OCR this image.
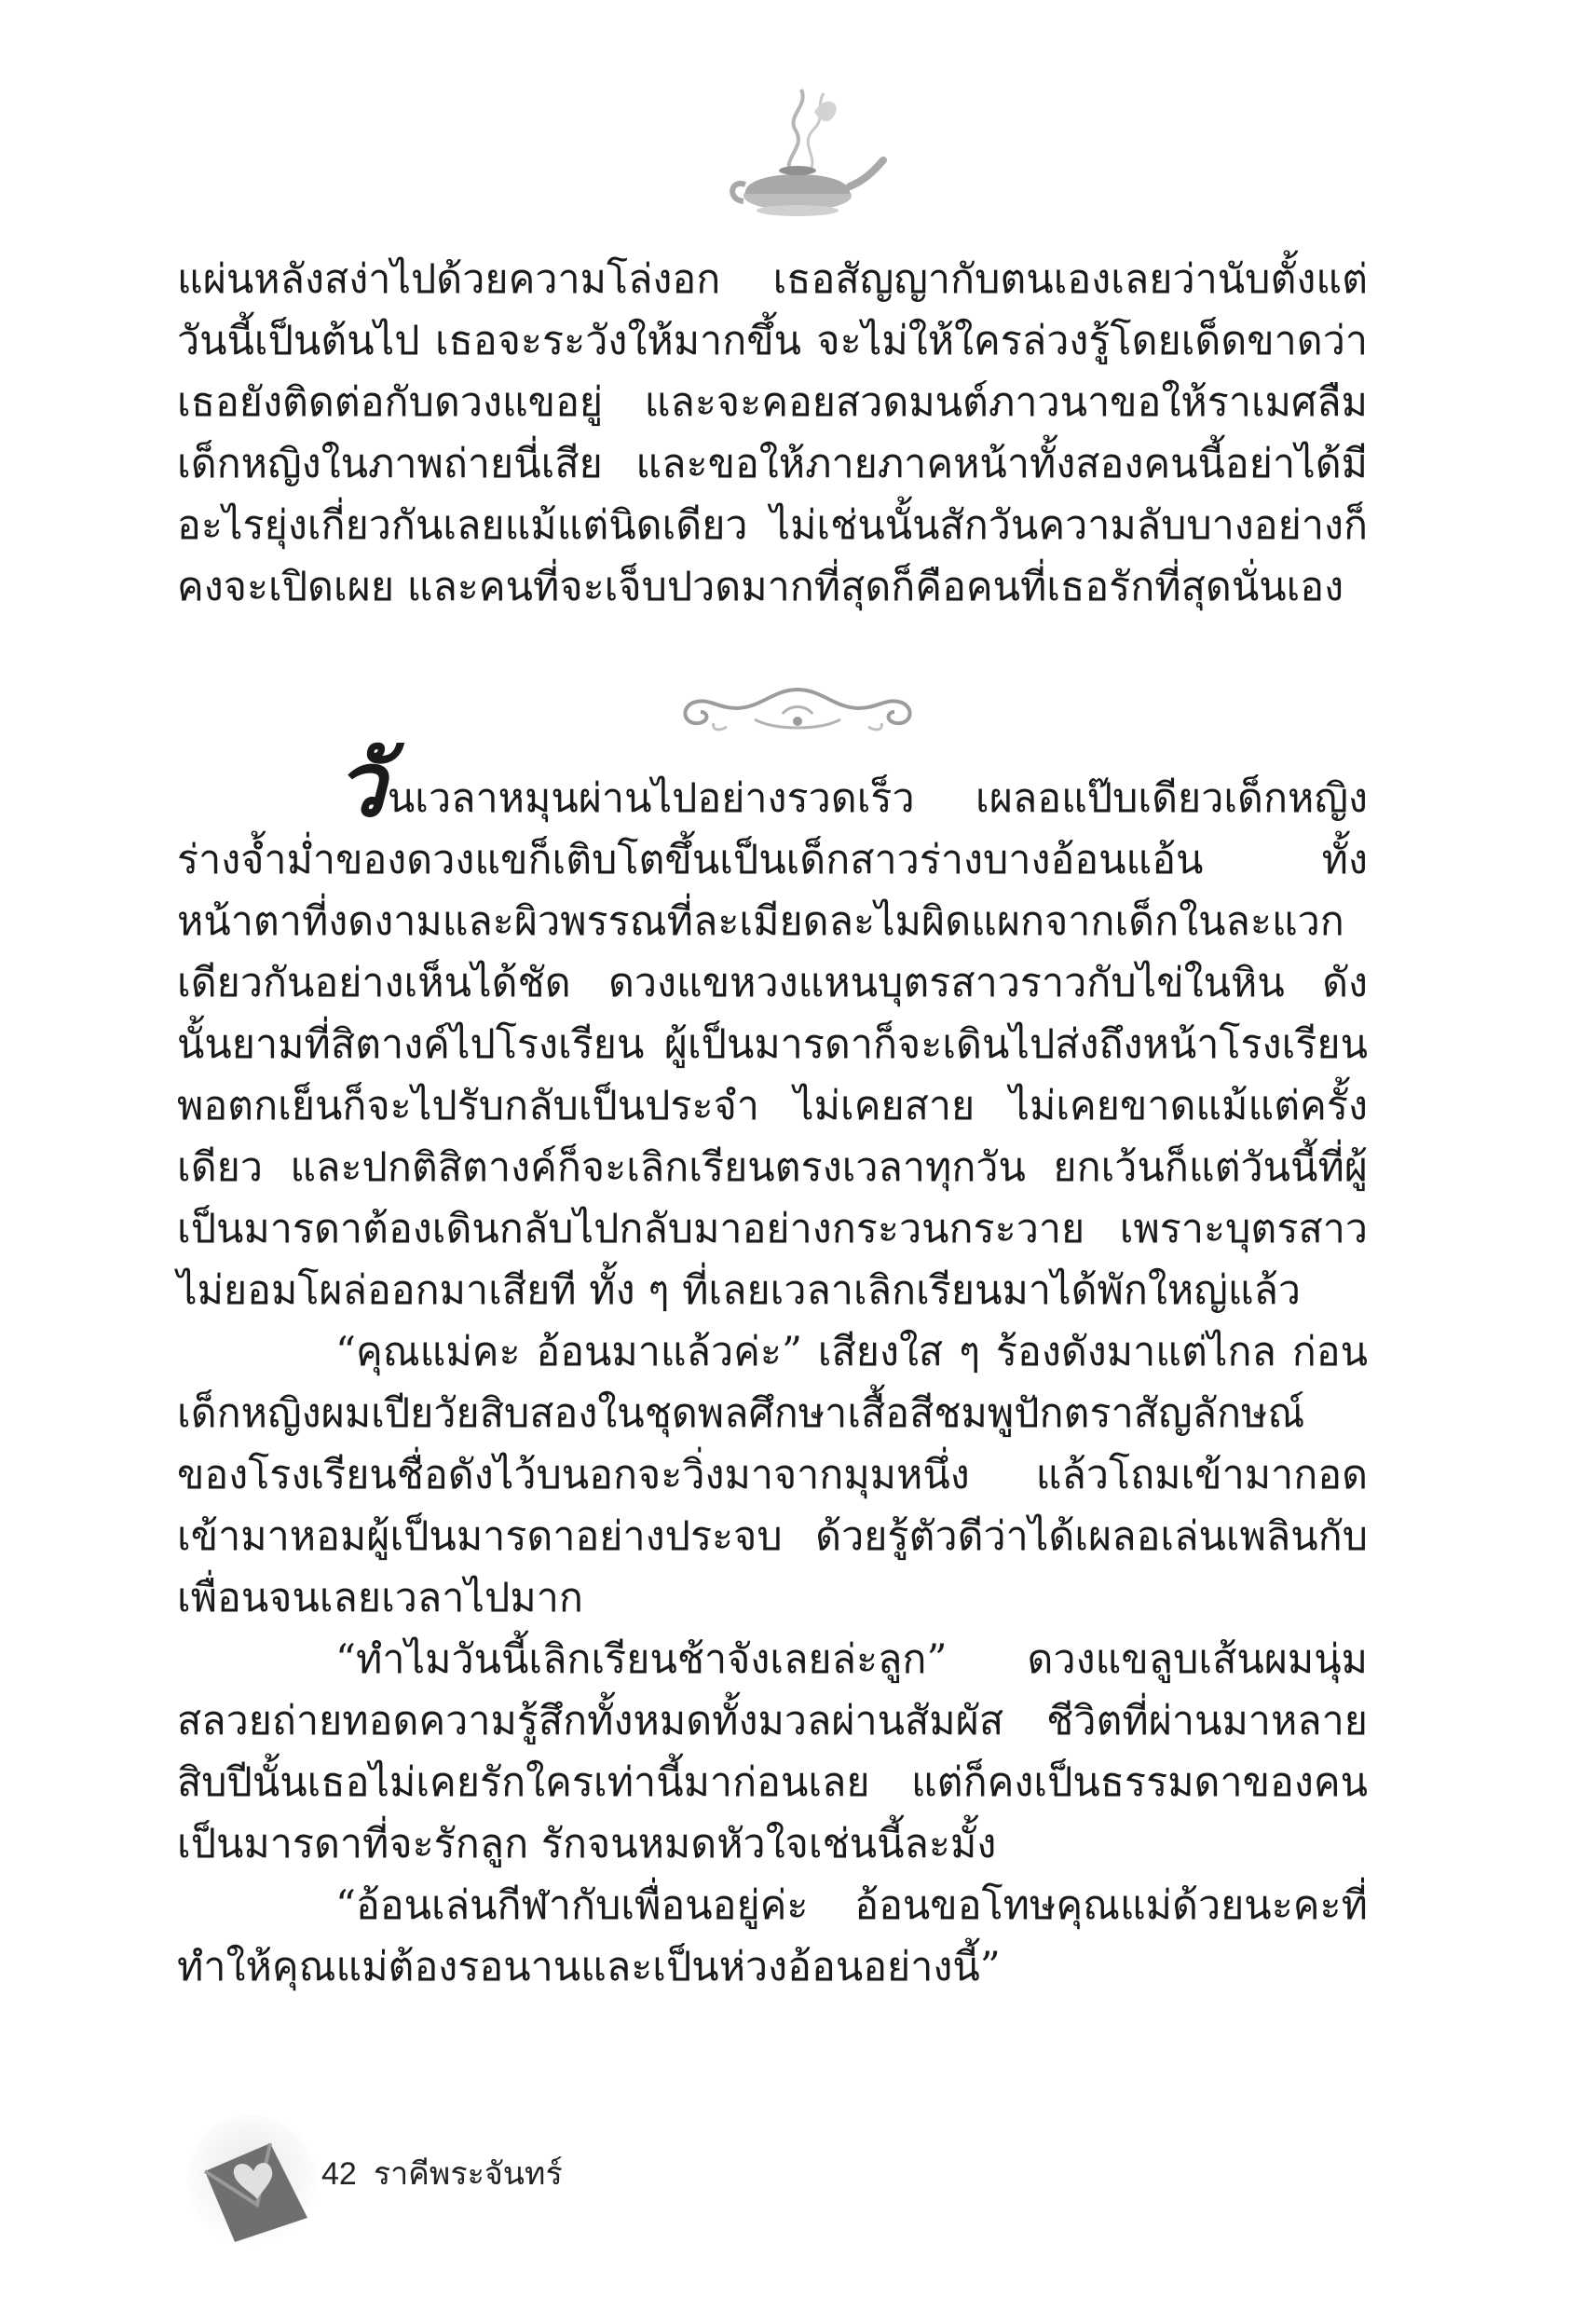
แผ่นหลังสง่าไปด้วยความโล่งอก เธอสัญญากับตนเองเลยว่านับตั้งแต่วันนี้เป็นต้นไป เธอจะระวังให้มากขึ้น จะไม่ให้ใครล่วงรู้โดยเด็ดขาดว่าเธอยังติดต่อกับดวงแขอยู่ และจะคอยสวดมนต์ภาวนาขอให้ราเมศลืมเด็กหญิงในภาพถ่ายนี่เสีย และขอให้ภายภาคหน้าทั้งสองคนนี้อย่าได้มีอะไรยุ่งเกี่ยวกันเลยแม้แต่นิดเดียว ไม่เช่นนั้นสักวันความลับบางอย่างก็คงจะเปิดเผย และคนที่จะเจ็บปวดมากที่สุดก็คือคนที่เธอรักที่สุดนั่นเอง

วันเวลาหมุนผ่านไปอย่างรวดเร็ว เผลอแป๊บเดียวเด็กหญิงร่างจ้ำม่ำของดวงแขก็เติบโตขึ้นเป็นเด็กสาวร่างบางอ้อนแอ้น ทั้งหน้าตาที่งดงามและผิวพรรณที่ละเมียดละไมผิดแผกจากเด็กในละแวกเดียวกันอย่างเห็นได้ชัด ดวงแขหวงแหนบุตรสาวราวกับไข่ในหิน ดังนั้นยามที่สิตางค์ไปโรงเรียน ผู้เป็นมารดาก็จะเดินไปส่งถึงหน้าโรงเรียน พอตกเย็นก็จะไปรับกลับเป็นประจำ ไม่เคยสาย ไม่เคยขาดแม้แต่ครั้งเดียว และปกติสิตางค์ก็จะเลิกเรียนตรงเวลาทุกวัน ยกเว้นก็แต่วันนี้ที่ผู้เป็นมารดาต้องเดินกลับไปกลับมาอย่างกระวนกระวาย เพราะบุตรสาวไม่ยอมโผล่ออกมาเสียที ทั้ง ๆ ที่เลยเวลาเลิกเรียนมาได้พักใหญ่แล้ว

“คุณแม่คะ อ้อนมาแล้วค่ะ” เสียงใส ๆ ร้องดังมาแต่ไกล ก่อนเด็กหญิงผมเปียวัยสิบสองในชุดพลศึกษาเสื้อสีชมพูปักตราสัญลักษณ์ของโรงเรียนชื่อดังไว้บนอกจะวิ่งมาจากมุมหนึ่ง แล้วโถมเข้ามากอด เข้ามาหอมผู้เป็นมารดาอย่างประจบ ด้วยรู้ตัวดีว่าได้เผลอเล่นเพลินกับเพื่อนจนเลยเวลาไปมาก

“ทำไมวันนี้เลิกเรียนช้าจังเลยล่ะลูก” ดวงแขลูบเส้นผมนุ่มสลวยถ่ายทอดความรู้สึกทั้งหมดทั้งมวลผ่านสัมผัส ชีวิตที่ผ่านมาหลายสิบปีนั้นเธอไม่เคยรักใครเท่านี้มาก่อนเลย แต่ก็คงเป็นธรรมดาของคนเป็นมารดาที่จะรักลูก รักจนหมดหัวใจเช่นนี้ละมั้ง

“อ้อนเล่นกีฬากับเพื่อนอยู่ค่ะ อ้อนขอโทษคุณแม่ด้วยนะคะที่ทำให้คุณแม่ต้องรอนานและเป็นห่วงอ้อนอย่างนี้”

42 ราคีพระจันทร์
